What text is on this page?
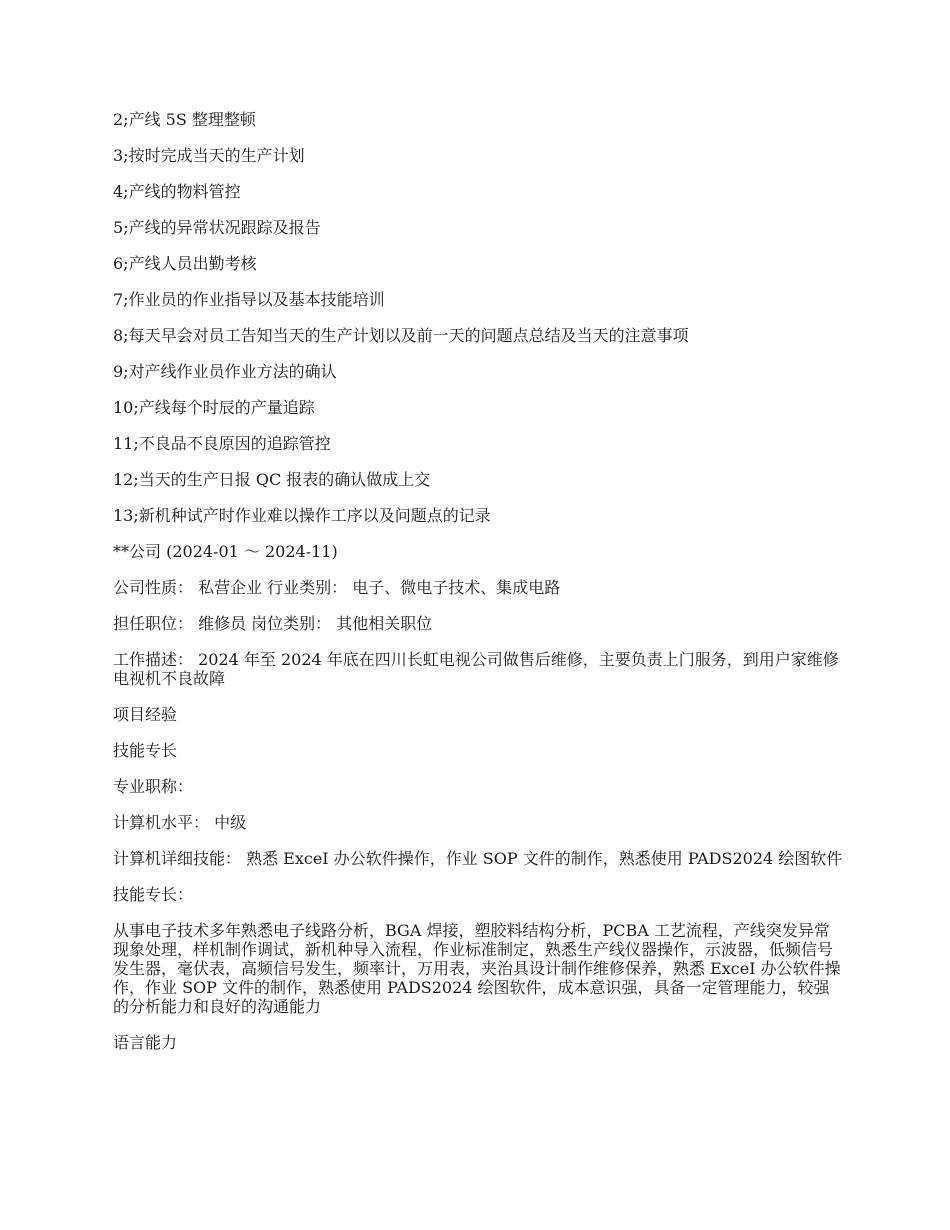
2;产线 5S 整理整顿

3;按时完成当天的生产计划

4;产线的物料管控

5;产线的异常状况跟踪及报告

6;产线人员出勤考核

7;作业员的作业指导以及基本技能培训

8;每天早会对员工告知当天的生产计划以及前一天的问题点总结及当天的注意事项

9;对产线作业员作业方法的确认

10;产线每个时辰的产量追踪

11;不良品不良原因的追踪管控

12;当天的生产日报 QC 报表的确认做成上交

13;新机种试产时作业难以操作工序以及问题点的记录

**公司 (2024-01 ～ 2024-11)

公司性质： 私营企业 行业类别： 电子、微电子技术、集成电路

担任职位： 维修员 岗位类别： 其他相关职位

工作描述： 2024 年至 2024 年底在四川长虹电视公司做售后维修，主要负责上门服务，到用户家维修电视机不良故障

项目经验

技能专长

专业职称：

计算机水平： 中级

计算机详细技能： 熟悉 ExceI 办公软件操作，作业 SOP 文件的制作，熟悉使用 PADS2024 绘图软件

技能专长：

从事电子技术多年熟悉电子线路分析，BGA 焊接，塑胶料结构分析，PCBA 工艺流程，产线突发异常现象处理，样机制作调试，新机种导入流程，作业标准制定，熟悉生产线仪器操作，示波器，低频信号发生器，毫伏表，高频信号发生，频率计，万用表，夹治具设计制作维修保养，熟悉 ExceI 办公软件操作，作业 SOP 文件的制作，熟悉使用 PADS2024 绘图软件，成本意识强，具备一定管理能力，较强的分析能力和良好的沟通能力

语言能力
